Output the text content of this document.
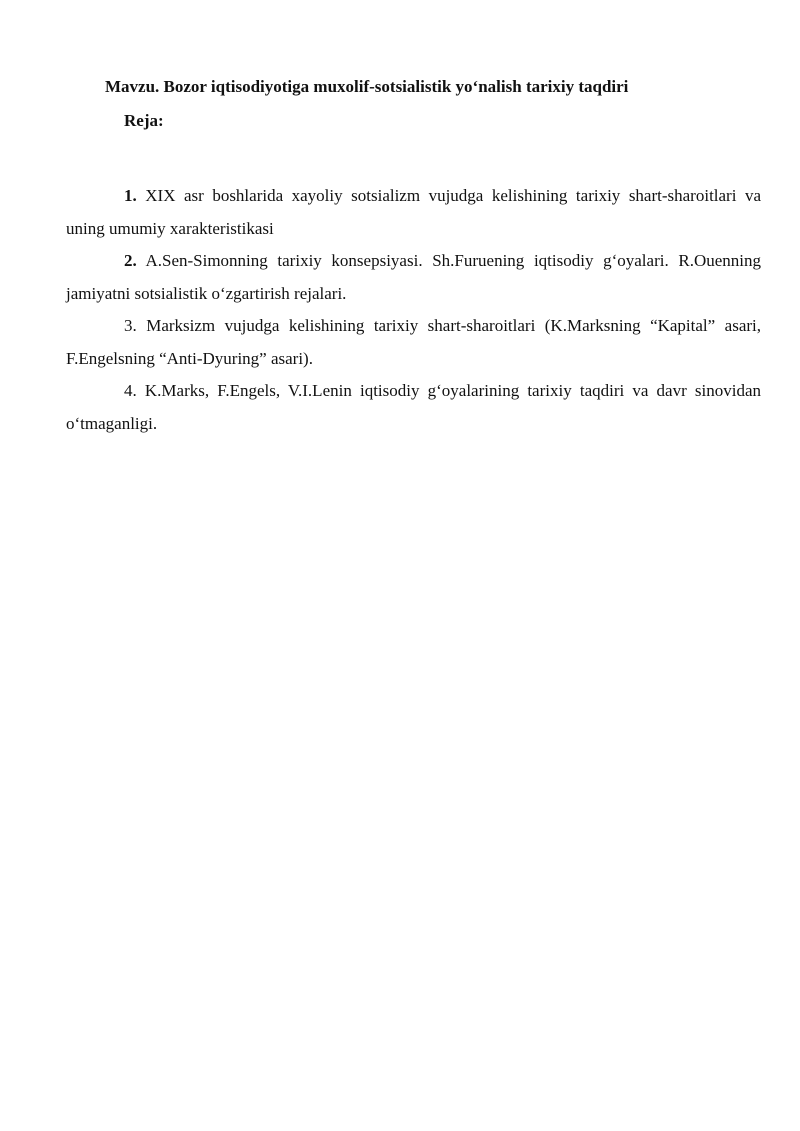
Mavzu. Bozor iqtisodiyotiga muxolif-sotsialistik yo‘nalish tarixiy taqdiri
Reja:

1. XIX asr boshlarida xayoliy sotsializm vujudga kelishining tarixiy shart-sharoitlari va uning umumiy xarakteristikasi

2. A.Sen-Simonning tarixiy konsepsiyasi. Sh.Furuening iqtisodiy g‘oyalari. R.Ouenning jamiyatni sotsialistik o‘zgartirish rejalari.

3. Marksizm vujudga kelishining tarixiy shart-sharoitlari (K.Marksning “Kapital” asari, F.Engelsning “Anti-Dyuring” asari).

4. K.Marks, F.Engels, V.I.Lenin iqtisodiy g‘oyalarining tarixiy taqdiri va davr sinovidan o‘tmaganligi.
